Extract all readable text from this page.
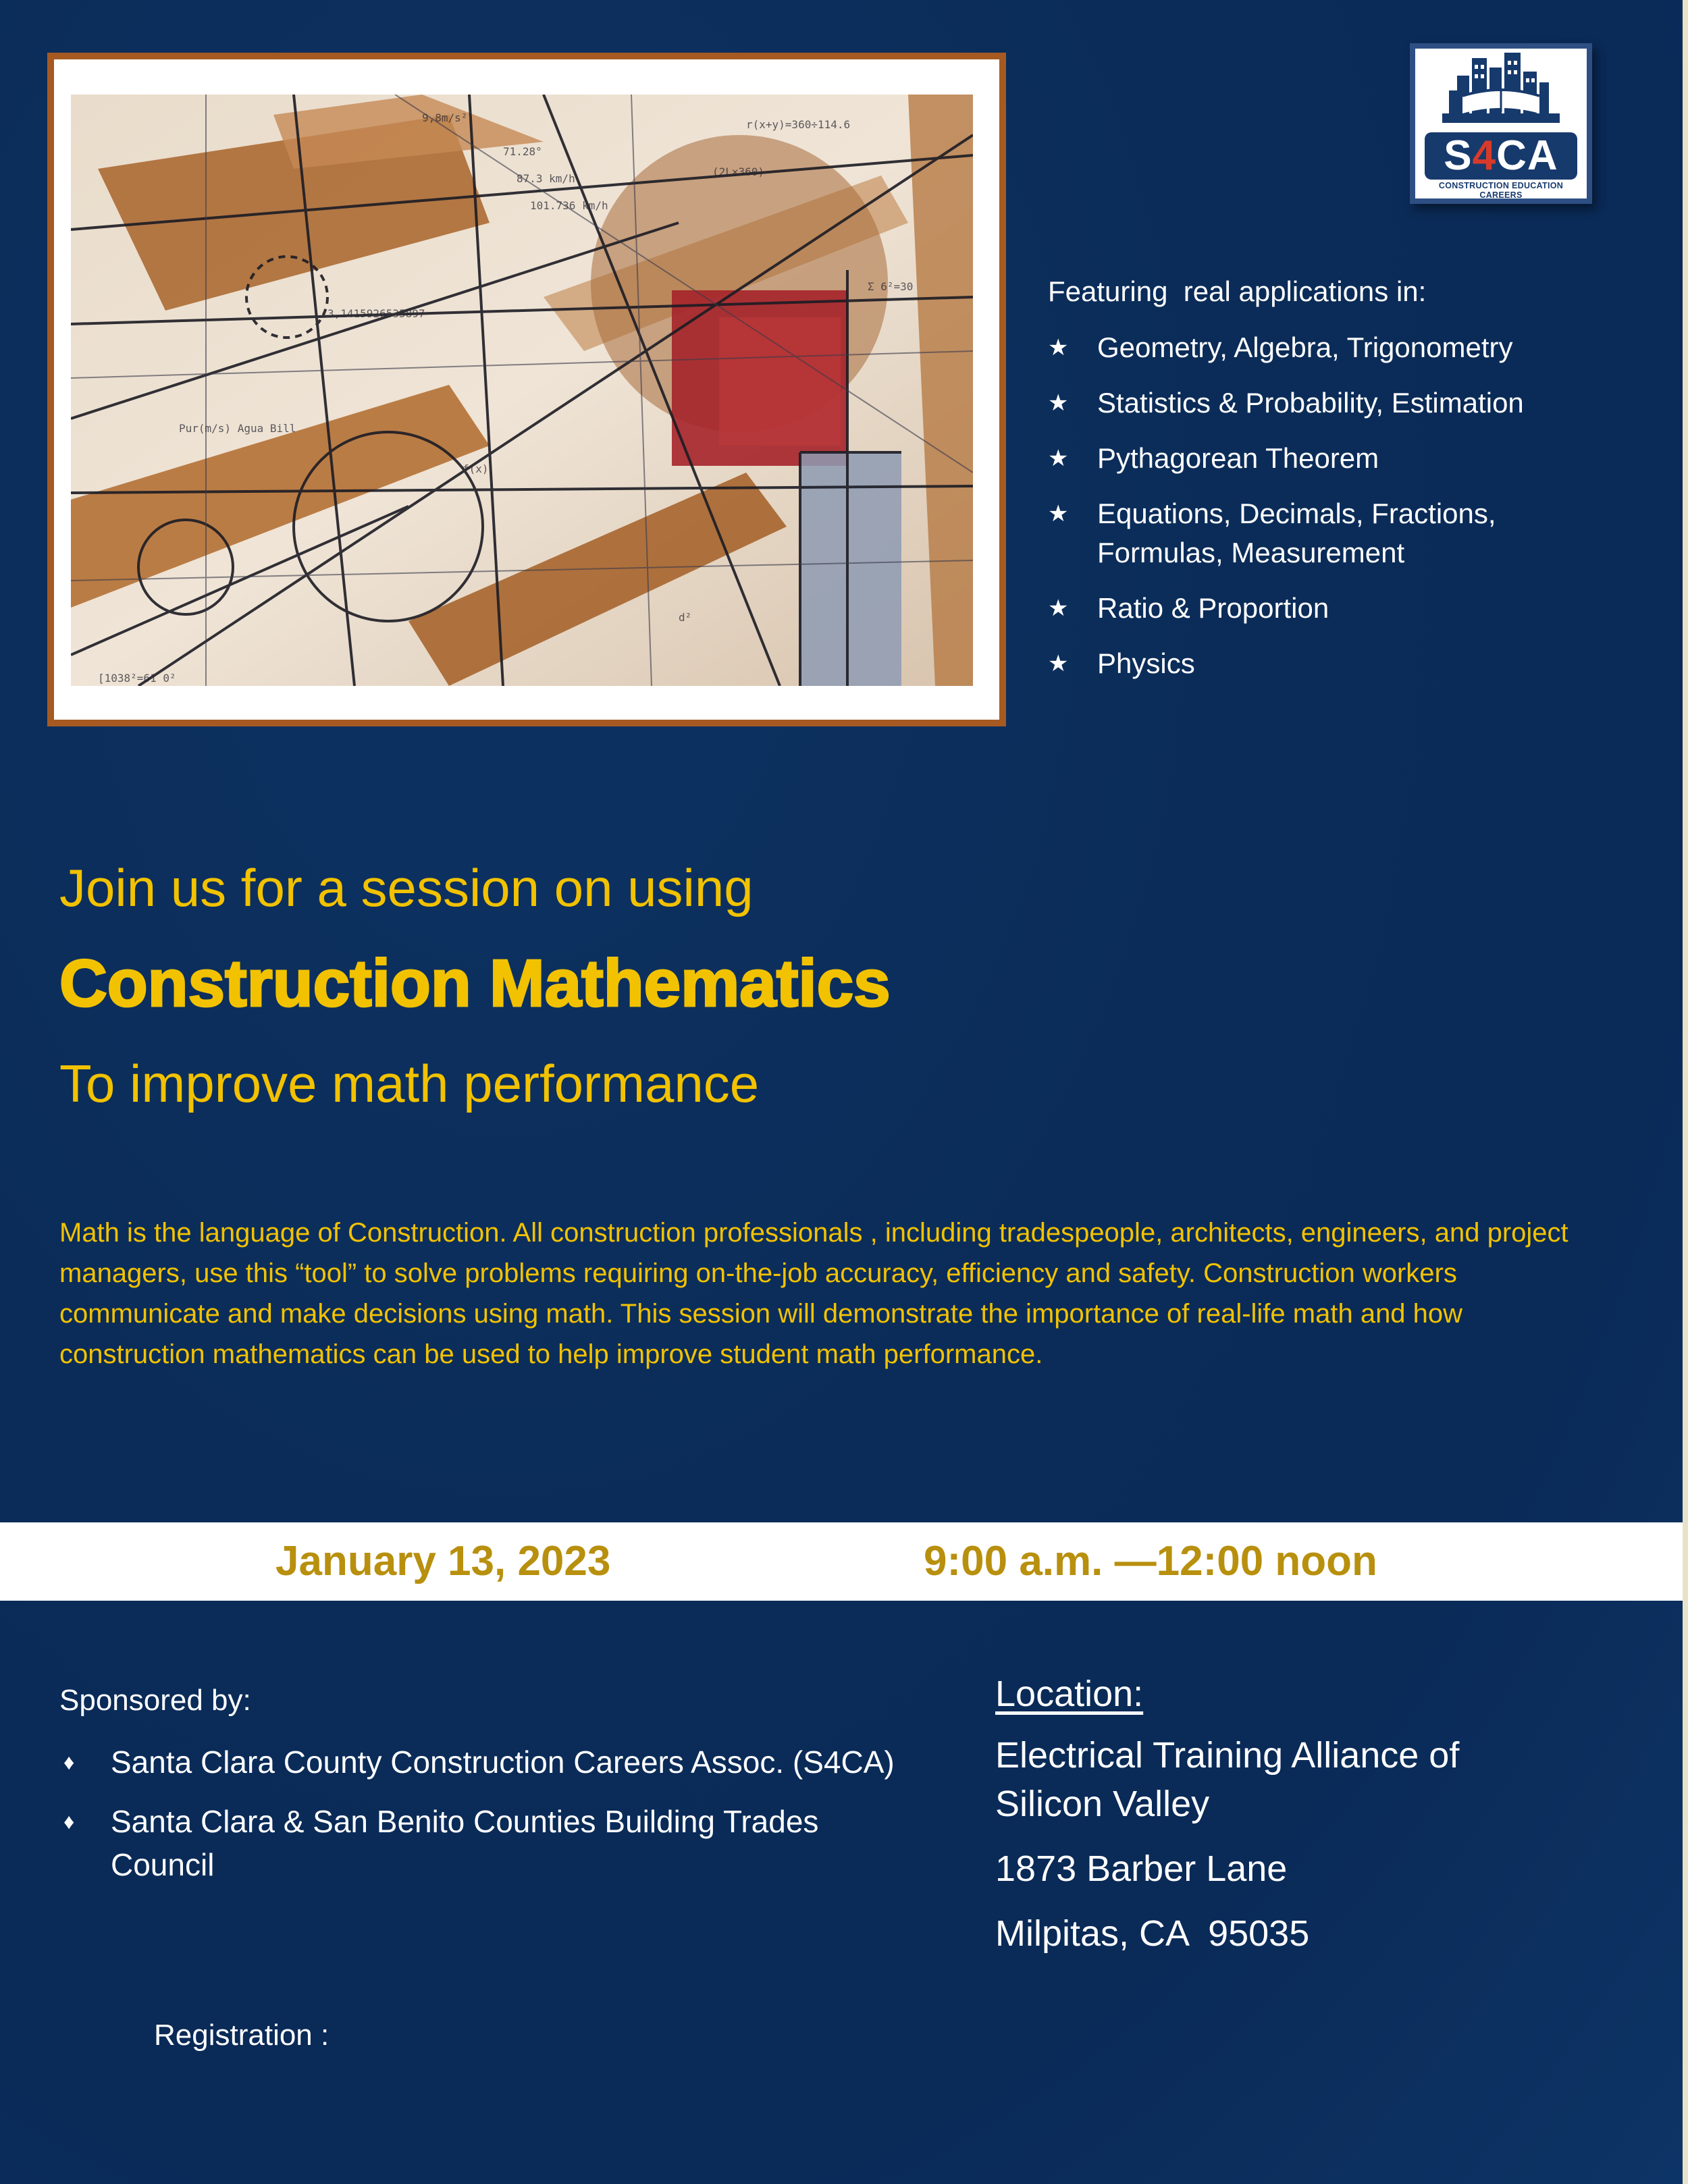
9,8m/s²
71.28°
87.3 km/h
101.736 km/h
(2L×360)
r(x+y)=360÷114.6
3,1415926535897
Pur(m/s) Agua Bill
[1038²=61 0²
Σ 6²=30
f(x)
d²
S4CA
CONSTRUCTION EDUCATION CAREERS

Featuring  real applications in:

★ Geometry, Algebra, Trigonometry
★ Statistics & Probability, Estimation
★ Pythagorean Theorem
★ Equations, Decimals, Fractions, Formulas, Measurement
★ Ratio & Proportion
★ Physics

Join us for a session on using

Construction Mathematics

To improve math performance

Math is the language of Construction. All construction professionals , including tradespeople, architects, engineers, and project managers, use this “tool” to solve problems requiring on-the-job accuracy, efficiency and safety. Construction workers communicate and make decisions using math. This session will demonstrate the importance of real-life math and how construction mathematics can be used to help improve student math performance.

January 13, 2023	9:00 a.m. —12:00 noon

Sponsored by:

♦ Santa Clara County Construction Careers Assoc. (S4CA)
♦ Santa Clara & San Benito Counties Building Trades Council

Registration :

Location:

Electrical Training Alliance of Silicon Valley

1873 Barber Lane

Milpitas, CA  95035
